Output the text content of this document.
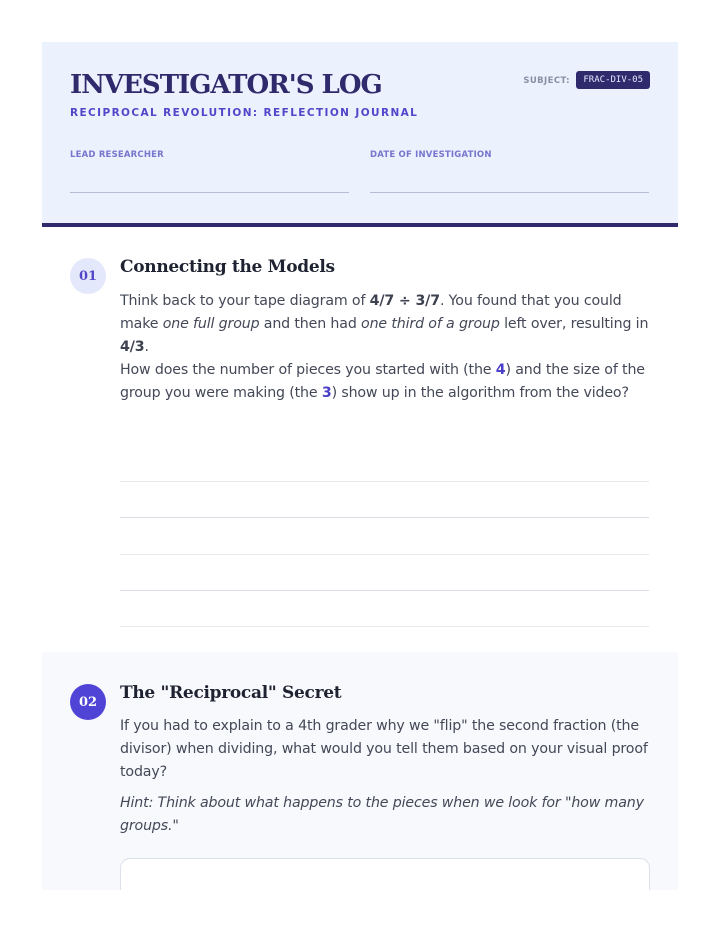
INVESTIGATOR'S LOG
RECIPROCAL REVOLUTION: REFLECTION JOURNAL
SUBJECT:	FRAC-DIV-05
LEAD RESEARCHER	DATE OF INVESTIGATION
01	Connecting the Models
Think back to your tape diagram of 4/7 ÷ 3/7. You found that you could make one full group and then had one third of a group left over, resulting in 4/3.
How does the number of pieces you started with (the 4) and the size of the group you were making (the 3) show up in the algorithm from the video?
02	The "Reciprocal" Secret
If you had to explain to a 4th grader why we "flip" the second fraction (the divisor) when dividing, what would you tell them based on your visual proof today?
Hint: Think about what happens to the pieces when we look for "how many groups."
